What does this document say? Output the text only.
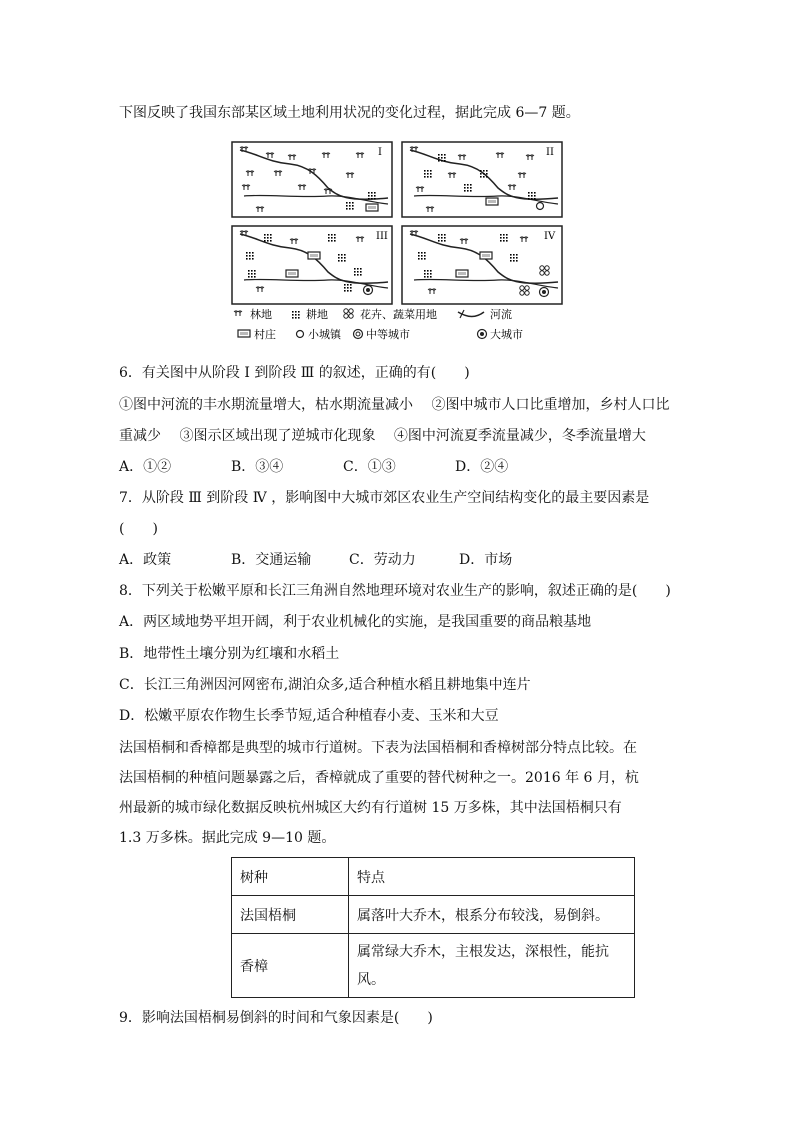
下图反映了我国东部某区域土地利用状况的变化过程，据此完成 6—7 题。
I	II
III	IV
林地	耕地	花卉、蔬菜用地	河流
村庄	小城镇 中等城市	大城市
6．有关图中从阶段 Ⅰ 到阶段 Ⅲ 的叙述，正确的有(　　)
①图中河流的丰水期流量增大，枯水期流量减小　 ②图中城市人口比重增加，乡村人口比
重减少　 ③图示区域出现了逆城市化现象　 ④图中河流夏季流量减少，冬季流量增大
A．①②	B．③④	C．①③	D．②④
7．从阶段 Ⅲ 到阶段 Ⅳ ，影响图中大城市郊区农业生产空间结构变化的最主要因素是
(　　)
A．政策	B．交通运输	C．劳动力	D．市场
8．下列关于松嫩平原和长江三角洲自然地理环境对农业生产的影响，叙述正确的是(　　)
A．两区域地势平坦开阔，利于农业机械化的实施，是我国重要的商品粮基地
B．地带性土壤分别为红壤和水稻土
C．长江三角洲因河网密布,湖泊众多,适合种植水稻且耕地集中连片
D．松嫩平原农作物生长季节短,适合种植春小麦、玉米和大豆
法国梧桐和香樟都是典型的城市行道树。下表为法国梧桐和香樟树部分特点比较。在法国梧桐的种植问题暴露之后，香樟就成了重要的替代树种之一。2016 年 6 月，杭州最新的城市绿化数据反映杭州城区大约有行道树 15 万多株，其中法国梧桐只有 1.3 万多株。据此完成 9—10 题。
树种	特点
法国梧桐	属落叶大乔木，根系分布较浅，易倒斜。
香樟	属常绿大乔木，主根发达，深根性，能抗风。
9．影响法国梧桐易倒斜的时间和气象因素是(　　)
